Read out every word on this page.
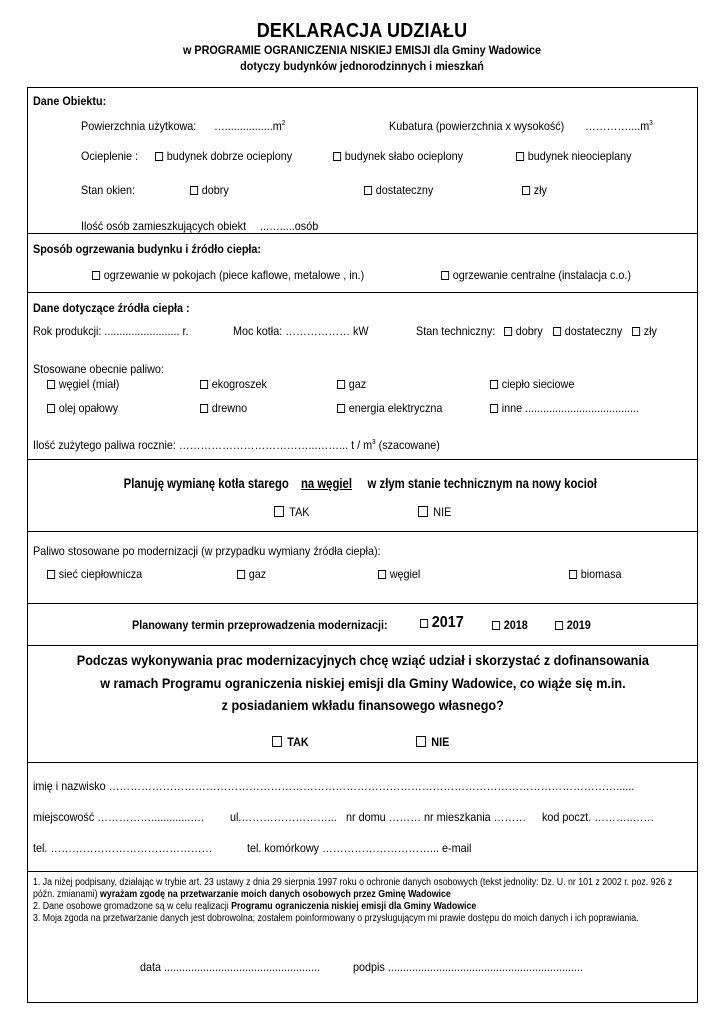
DEKLARACJA UDZIAŁU
w PROGRAMIE OGRANICZENIA NISKIEJ EMISJI dla Gminy Wadowice
dotyczy budynków jednorodzinnych i mieszkań
Dane Obiektu:
Powierzchnia użytkowa: $\dots................m^2$	Kubatura (powierzchnia x wysokość) $\dots\dots\dots\dots....m^3$
Ocieplenie :	budynek dobrze ocieplony	budynek słabo ocieplony	budynek nieocieplany
Stan okien:	dobry	dostateczny	zły
Ilość osób zamieszkujących obiekt ...….....osób
Sposób ogrzewania budynku i źródło ciepła:
ogrzewanie w pokojach (piece kaflowe, metalowe , in.)	ogrzewanie centralne (instalacja c.o.)
Dane dotyczące źródła ciepła :
Rok produkcji: ......................... r.	Moc kotła: ……………… kW	Stan techniczny:	dobry	dostateczny	zły
Stosowane obecnie paliwo:
węgiel (miał)	ekogroszek	gaz	ciepło sieciowe
olej opałowy	drewno	energia elektryczna	inne ......................................
Ilość zużytego paliwa rocznie: ………………………………...……... t / $m^3$ (szacowane)
Planuję wymianę kotła staregona węgielw złym stanie technicznym na nowy kocioł
TAK	NIE
Paliwo stosowane po modernizacji (w przypadku wymiany źródła ciepła):
sieć ciepłownicza	gaz	węgiel	biomasa
Planowany termin przeprowadzenia modernizacji:	2017	2018	2019
Podczas wykonywania prac modernizacyjnych chcę wziąć udział i skorzystać z dofinansowania
w ramach Programu ograniczenia niskiej emisji dla Gminy Wadowice, co wiąże się m.in.
z posiadaniem wkładu finansowego własnego?
TAK	NIE
imię i nazwisko ……………………………………………………………………………………………………………………………......
miejscowość …………….............…. ul.……………………... nr domu ……… nr mieszkania ……… kod poczt. ………..……
tel. ………………………………………	tel. komórkowy …………………………... e-mail
1. Ja niżej podpisany, działając w trybie art. 23 ustawy z dnia 29 sierpnia 1997 roku o ochronie danych osobowych (tekst jednolity: Dz. U. nr 101 z 2002 r. poz. 926 z
późn. zmianami) wyrażam zgodę na przetwarzanie moich danych osobowych przez Gminę Wadowice
2. Dane osobowe gromadzone są w celu realizacji Programu ograniczenia niskiej emisji dla Gminy Wadowice
3. Moja zgoda na przetwarzanie danych jest dobrowolna; zostałem poinformowany o przysługującym mi prawie dostępu do moich danych i ich poprawiania.
data ....................................................	podpis .................................................................
